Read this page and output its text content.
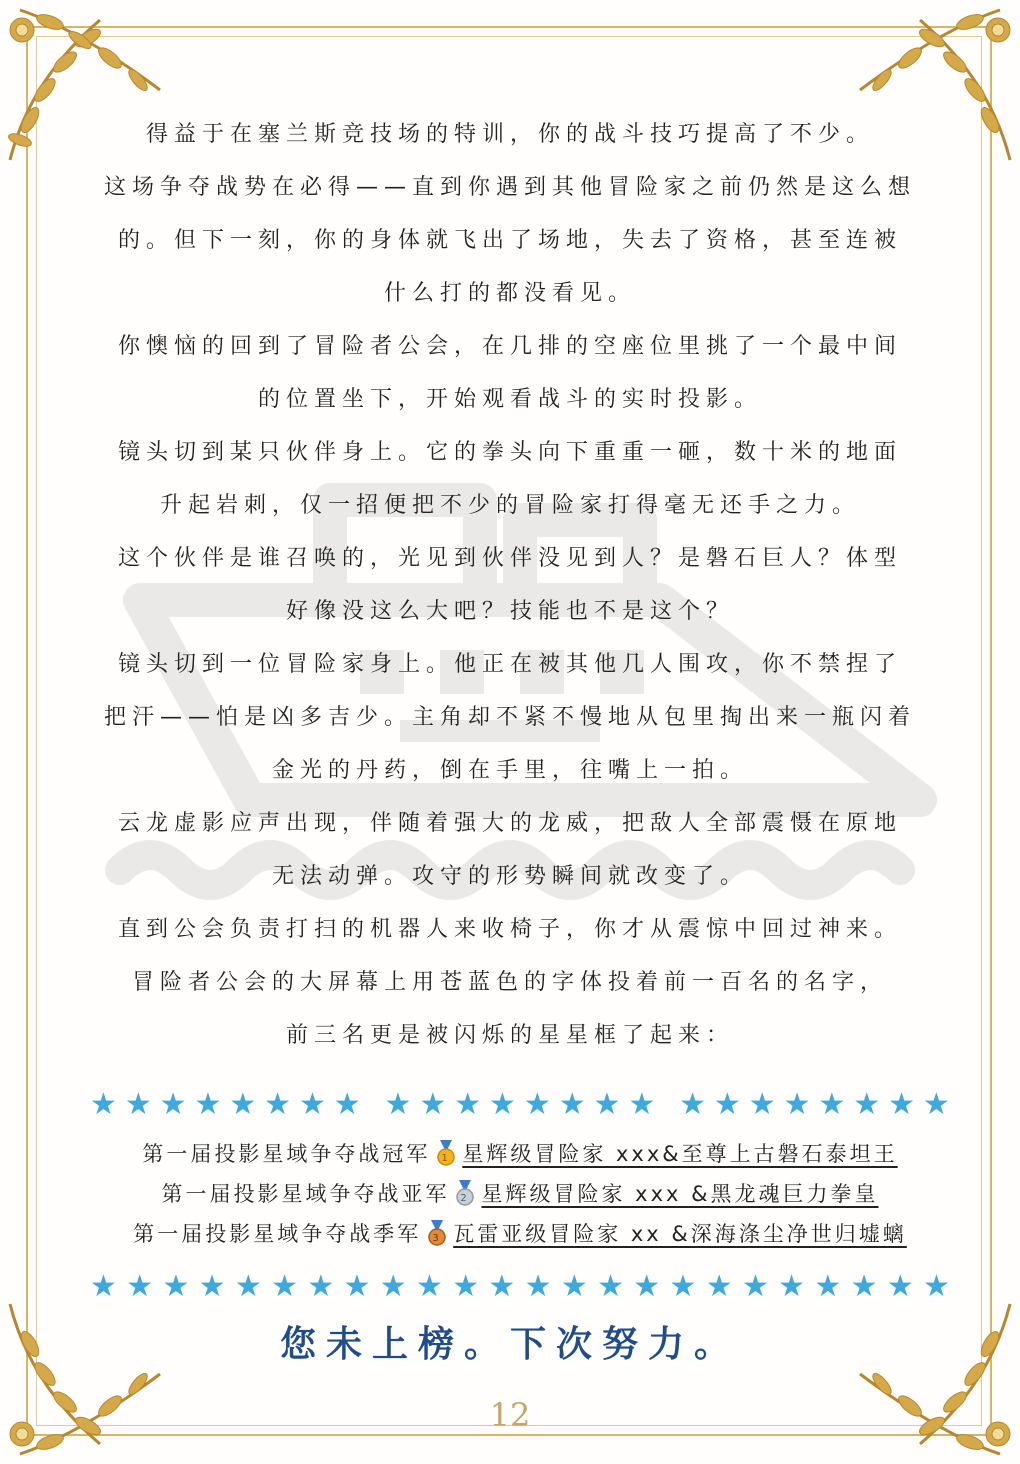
得益于在塞兰斯竞技场的特训，你的战斗技巧提高了不少。
这场争夺战势在必得——直到你遇到其他冒险家之前仍然是这么想
的。但下一刻，你的身体就飞出了场地，失去了资格，甚至连被
什么打的都没看见。
你懊恼的回到了冒险者公会，在几排的空座位里挑了一个最中间
的位置坐下，开始观看战斗的实时投影。
镜头切到某只伙伴身上。它的拳头向下重重一砸，数十米的地面
升起岩刺，仅一招便把不少的冒险家打得毫无还手之力。
这个伙伴是谁召唤的，光见到伙伴没见到人？是磐石巨人？体型
好像没这么大吧？技能也不是这个？
镜头切到一位冒险家身上。他正在被其他几人围攻，你不禁捏了
把汗——怕是凶多吉少。主角却不紧不慢地从包里掏出来一瓶闪着
金光的丹药，倒在手里，往嘴上一拍。
云龙虚影应声出现，伴随着强大的龙威，把敌人全部震慑在原地
无法动弹。攻守的形势瞬间就改变了。
直到公会负责打扫的机器人来收椅子，你才从震惊中回过神来。
冒险者公会的大屏幕上用苍蓝色的字体投着前一百名的名字，
前三名更是被闪烁的星星框了起来：
★ ★ ★ ★ ★ ★ ★ ★ ★ ★ ★ ★ ★ ★ ★ ★ ★ ★ ★ ★ ★ ★ ★ ★
第一届投影星域争夺战冠军 1 星辉级冒险家 xxx&至尊上古磐石泰坦王
第一届投影星域争夺战亚军 2 星辉级冒险家 xxx &黑龙魂巨力拳皇
第一届投影星域争夺战季军 3 瓦雷亚级冒险家 xx &深海涤尘净世归墟螭
★ ★ ★ ★ ★ ★ ★ ★ ★ ★ ★ ★ ★ ★ ★ ★ ★ ★ ★ ★ ★ ★ ★ ★
您未上榜。下次努力。
12
